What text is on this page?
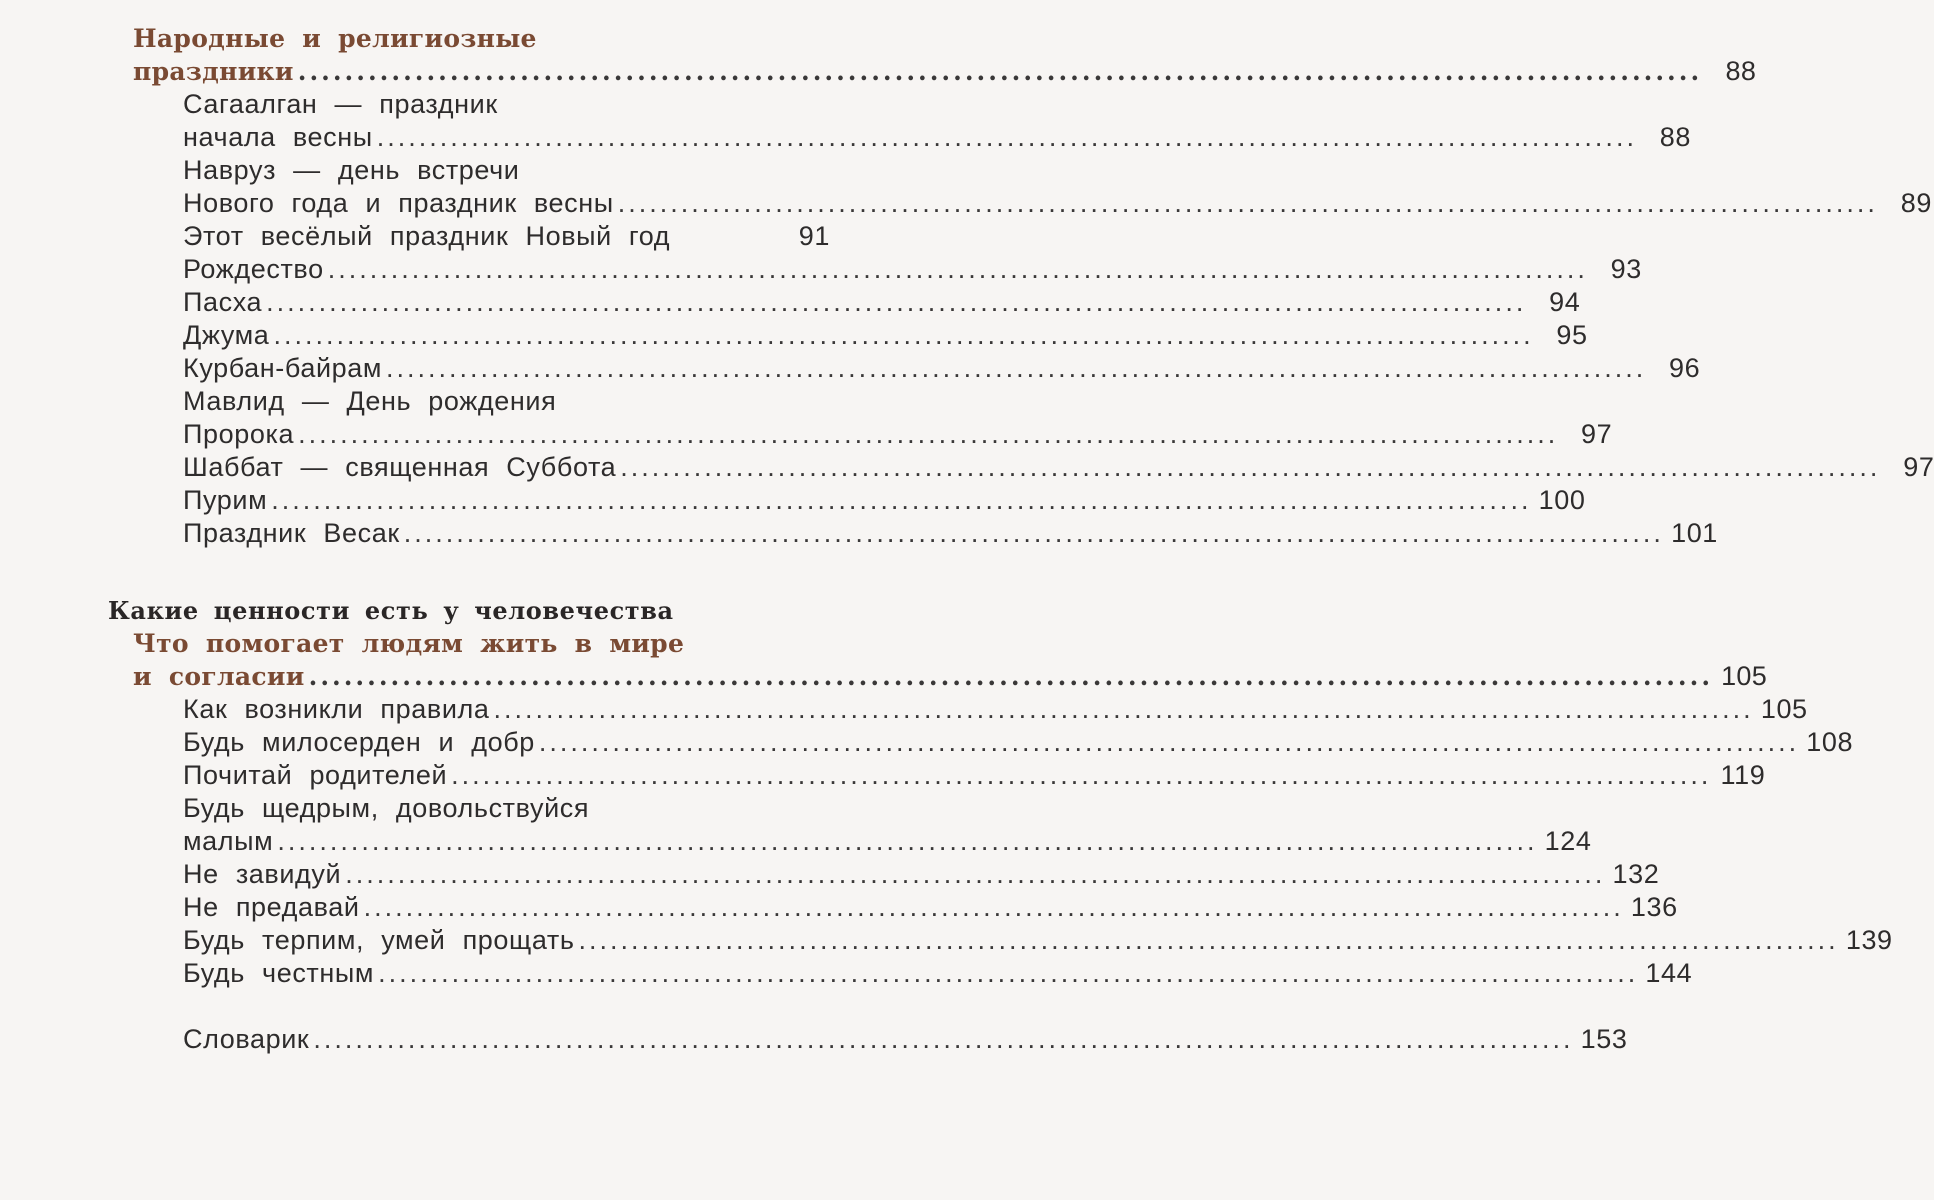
Народные и религиозные
праздники ........................................................................................................................ 88
Сагаалган — праздник
начала весны ........................................................................................................................ 88
Навруз — день встречи
Нового года и праздник весны ........................................................................................................................ 89
Этот весёлый праздник Новый год	91
Рождество ........................................................................................................................ 93
Пасха ........................................................................................................................ 94
Джума ........................................................................................................................ 95
Курбан-байрам ........................................................................................................................ 96
Мавлид — День рождения
Пророка ........................................................................................................................ 97
Шаббат — священная Суббота ........................................................................................................................ 97
Пурим ........................................................................................................................ 100
Праздник Весак ........................................................................................................................ 101
Какие ценности есть у человечества
Что помогает людям жить в мире
и согласии ........................................................................................................................ 105
Как возникли правила ........................................................................................................................ 105
Будь милосерден и добр ........................................................................................................................ 108
Почитай родителей ........................................................................................................................ 119
Будь щедрым, довольствуйся
малым ........................................................................................................................ 124
Не завидуй ........................................................................................................................ 132
Не предавай ........................................................................................................................ 136
Будь терпим, умей прощать ........................................................................................................................ 139
Будь честным ........................................................................................................................ 144
Словарик ........................................................................................................................ 153
